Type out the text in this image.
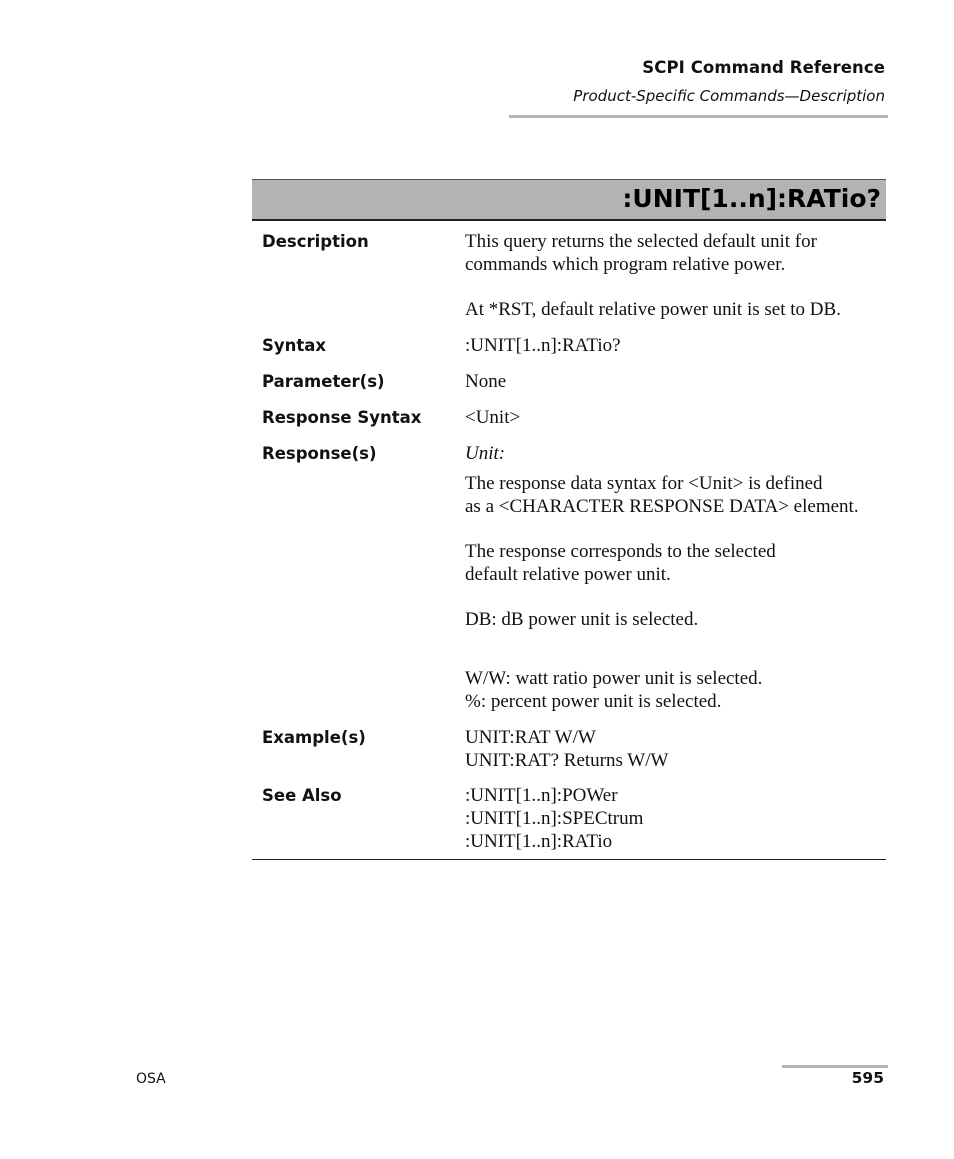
SCPI Command Reference
Product-Specific Commands—Description
:UNIT[1..n]:RATio?
Description	This query returns the selected default unit for

commands which program relative power.

At *RST, default relative power unit is set to DB.

Syntax	:UNIT[1..n]:RATio?
Parameter(s)	None
Response Syntax <Unit>
Response(s)	Unit:

The response data syntax for <Unit> is defined

as a <CHARACTER RESPONSE DATA> element.

The response corresponds to the selected

default relative power unit.

DB: dB power unit is selected.

W/W: watt ratio power unit is selected.

%: percent power unit is selected.

Example(s)	UNIT:RAT W/W

UNIT:RAT? Returns W/W

See Also	:UNIT[1..n]:POWer

:UNIT[1..n]:SPECtrum

:UNIT[1..n]:RATio

OSA	595
